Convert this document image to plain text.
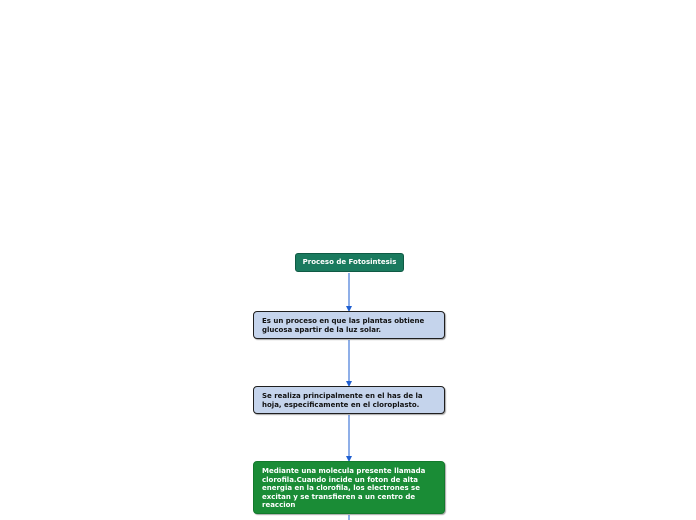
Proceso de Fotosintesis
Es un proceso en que las plantas obtiene glucosa apartir de la luz solar.
Se realiza principalmente en el has de la hoja, especificamente en el cloroplasto.
Mediante una molecula presente llamada clorofila.Cuando incide un foton de alta energia en la clorofila, los electrones se excitan y se transfieren a un centro de reaccion
